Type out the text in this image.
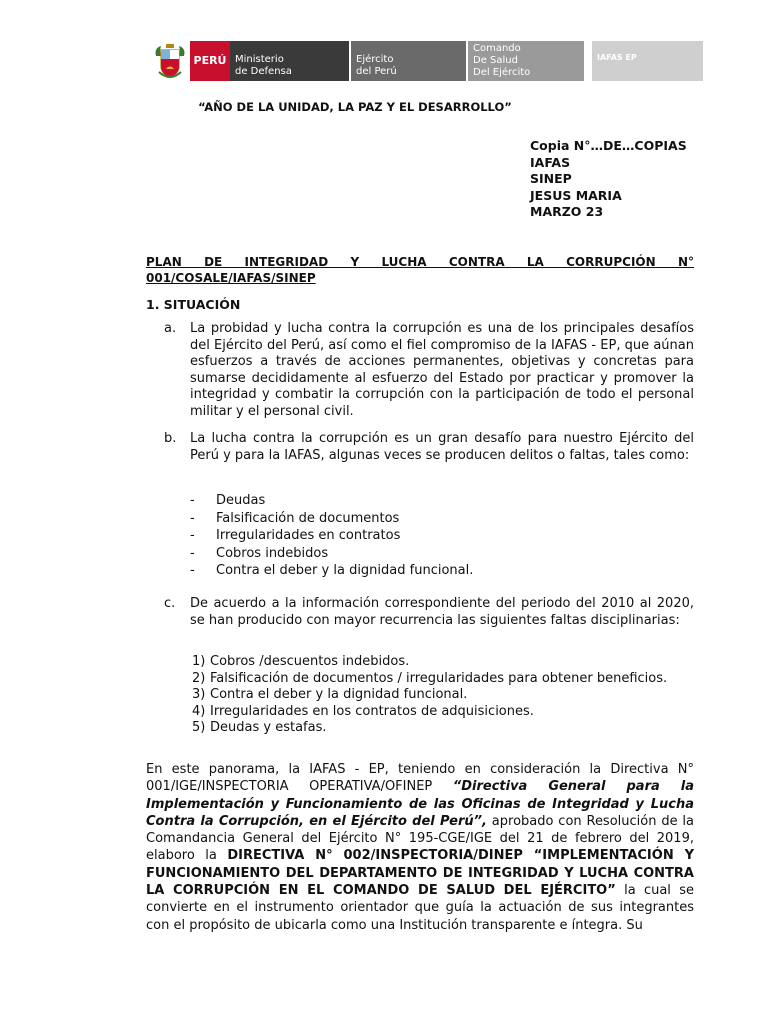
PERÚ Ministerio
de Defensa
Ejército
del Perú
Comando
De Salud
Del Ejército
IAFAS EP
“AÑO DE LA UNIDAD, LA PAZ Y EL DESARROLLO”
Copia N°…DE…COPIAS
IAFAS
SINEP
JESUS MARIA
MARZO 23
PLAN DE INTEGRIDAD Y LUCHA CONTRA LA CORRUPCIÓN N°
001/COSALE/IAFAS/SINEP
1. SITUACIÓN
a.	La probidad y lucha contra la corrupción es una de los principales desafíos del Ejército del Perú, así como el fiel compromiso de la IAFAS - EP, que aúnan esfuerzos a través de acciones permanentes, objetivas y concretas para sumarse decididamente al esfuerzo del Estado por practicar y promover la integridad y combatir la corrupción con la participación de todo el personal militar y el personal civil.
b.	La lucha contra la corrupción es un gran desafío para nuestro Ejército del Perú y para la IAFAS, algunas veces se producen delitos o faltas, tales como:
-	Deudas
-	Falsificación de documentos
-	Irregularidades en contratos
-	Cobros indebidos
-	Contra el deber y la dignidad funcional.
c.	De acuerdo a la información correspondiente del periodo del 2010 al 2020, se han producido con mayor recurrencia las siguientes faltas disciplinarias:
1) Cobros /descuentos indebidos.
2) Falsificación de documentos / irregularidades para obtener beneficios.
3) Contra el deber y la dignidad funcional.
4) Irregularidades en los contratos de adquisiciones.
5) Deudas y estafas.
En este panorama, la IAFAS - EP, teniendo en consideración la Directiva N° 001/IGE/INSPECTORIA OPERATIVA/OFINEP “Directiva General para la Implementación y Funcionamiento de las Oficinas de Integridad y Lucha Contra la Corrupción, en el Ejército del Perú”, aprobado con Resolución de la Comandancia General del Ejército N° 195-CGE/IGE del 21 de febrero del 2019, elaboro la DIRECTIVA N° 002/INSPECTORIA/DINEP “IMPLEMENTACIÓN Y FUNCIONAMIENTO DEL DEPARTAMENTO DE INTEGRIDAD Y LUCHA CONTRA LA CORRUPCIÓN EN EL COMANDO DE SALUD DEL EJÉRCITO” la cual se convierte en el instrumento orientador que guía la actuación de sus integrantes con el propósito de ubicarla como una Institución transparente e íntegra. Su
